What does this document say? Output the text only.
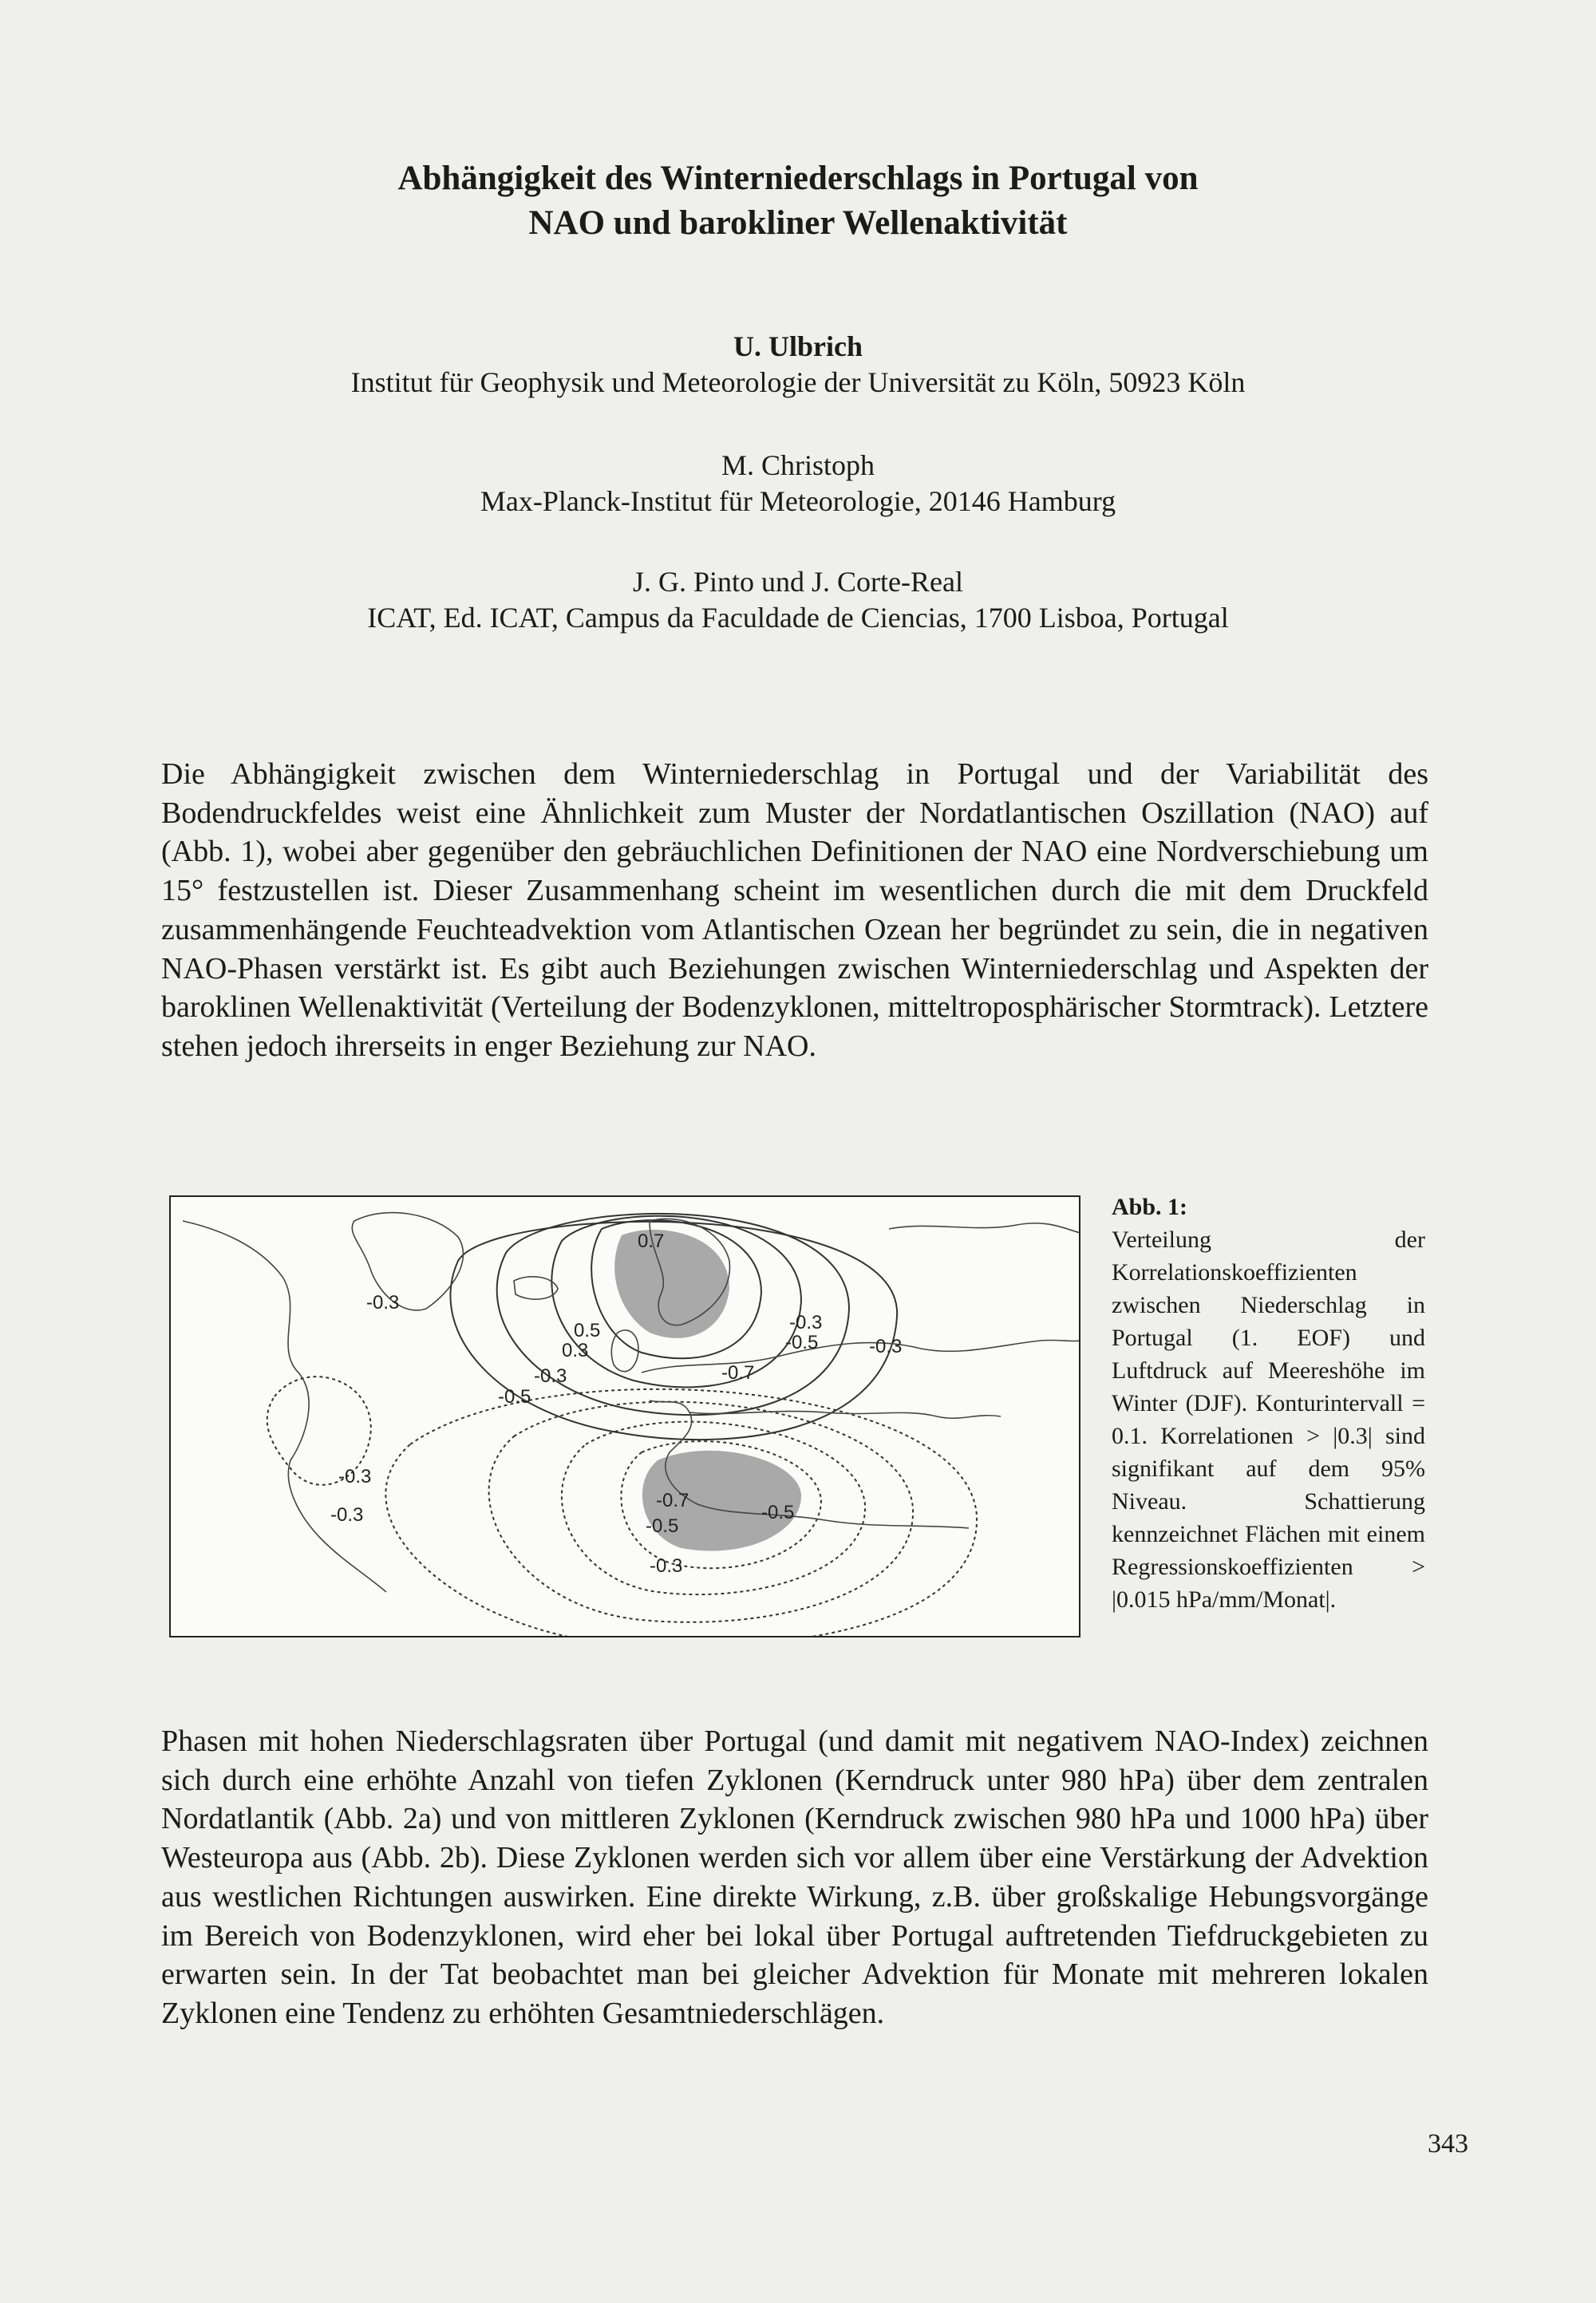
Abhängigkeit des Winterniederschlags in Portugal von
NAO und barokliner Wellenaktivität
U. Ulbrich
Institut für Geophysik und Meteorologie der Universität zu Köln, 50923 Köln
M. Christoph
Max-Planck-Institut für Meteorologie, 20146 Hamburg
J. G. Pinto und J. Corte-Real
ICAT, Ed. ICAT, Campus da Faculdade de Ciencias, 1700 Lisboa, Portugal
Die Abhängigkeit zwischen dem Winterniederschlag in Portugal und der Variabilität des Bodendruckfeldes weist eine Ähnlichkeit zum Muster der Nordatlantischen Oszillation (NAO) auf (Abb. 1), wobei aber gegenüber den gebräuchlichen Definitionen der NAO eine Nordverschiebung um 15° festzustellen ist. Dieser Zusammenhang scheint im wesentlichen durch die mit dem Druckfeld zusammenhängende Feuchteadvektion vom Atlantischen Ozean her begründet zu sein, die in negativen NAO-Phasen verstärkt ist. Es gibt auch Beziehungen zwischen Winterniederschlag und Aspekten der baroklinen Wellenaktivität (Verteilung der Bodenzyklonen, mitteltroposphärischer Stormtrack). Letztere stehen jedoch ihrerseits in enger Beziehung zur NAO.
0.7
-0.3
0.5
0.3
-0.3
-0.5	-0.3
-0.7
-0.3
-0.5
-0.3
-0.3
-0.7
-0.5
-0.5
-0.3
Abb. 1:
Verteilung der Korrelationskoeffizienten zwischen Niederschlag in Portugal (1. EOF) und Luftdruck auf Meereshöhe im Winter (DJF). Konturintervall = 0.1. Korrelationen > |0.3| sind signifikant auf dem 95% Niveau. Schattierung kennzeichnet Flächen mit einem Regressionskoeffizienten > |0.015 hPa/mm/Monat|.
Phasen mit hohen Niederschlagsraten über Portugal (und damit mit negativem NAO-Index) zeichnen sich durch eine erhöhte Anzahl von tiefen Zyklonen (Kerndruck unter 980 hPa) über dem zentralen Nordatlantik (Abb. 2a) und von mittleren Zyklonen (Kerndruck zwischen 980 hPa und 1000 hPa) über Westeuropa aus (Abb. 2b). Diese Zyklonen werden sich vor allem über eine Verstärkung der Advektion aus westlichen Richtungen auswirken. Eine direkte Wirkung, z.B. über großskalige Hebungsvorgänge im Bereich von Bodenzyklonen, wird eher bei lokal über Portugal auftretenden Tiefdruckgebieten zu erwarten sein. In der Tat beobachtet man bei gleicher Advektion für Monate mit mehreren lokalen Zyklonen eine Tendenz zu erhöhten Gesamtniederschlägen.
343
